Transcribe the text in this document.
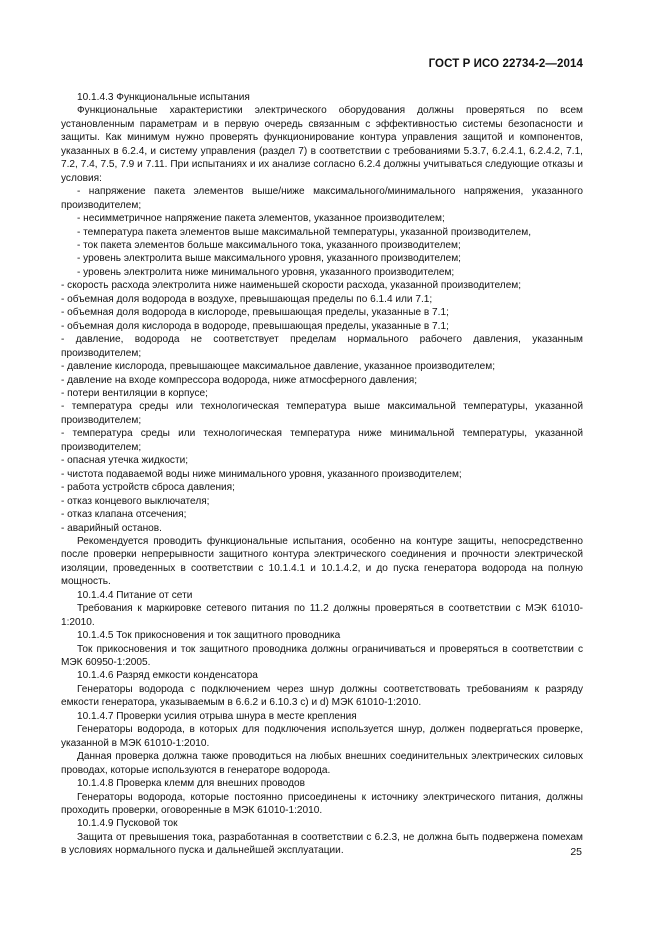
ГОСТ Р ИСО 22734-2—2014

10.1.4.3 Функциональные испытания

Функциональные характеристики электрического оборудования должны проверяться по всем установленным параметрам и в первую очередь связанным с эффективностью системы безопасности и защиты. Как минимум нужно проверять функционирование контура управления защитой и компонентов, указанных в 6.2.4, и систему управления (раздел 7) в соответствии с требованиями 5.3.7, 6.2.4.1, 6.2.4.2, 7.1, 7.2, 7.4, 7.5, 7.9 и 7.11. При испытаниях и их анализе согласно 6.2.4 должны учитываться следующие отказы и условия:

- напряжение пакета элементов выше/ниже максимального/минимального напряжения, указанного производителем;

- несимметричное напряжение пакета элементов, указанное производителем;

- температура пакета элементов выше максимальной температуры, указанной производителем,

- ток пакета элементов больше максимального тока, указанного производителем;

- уровень электролита выше максимального уровня, указанного производителем;

- уровень электролита ниже минимального уровня, указанного производителем;

- скорость расхода электролита ниже наименьшей скорости расхода, указанной производителем;

- объемная доля водорода в воздухе, превышающая пределы по 6.1.4 или 7.1;

- объемная доля водорода в кислороде, превышающая пределы, указанные в 7.1;

- объемная доля кислорода в водороде, превышающая пределы, указанные в 7.1;

- давление, водорода не соответствует пределам нормального рабочего давления, указанным производителем;

- давление кислорода, превышающее максимальное давление, указанное производителем;

- давление на входе компрессора водорода, ниже атмосферного давления;

- потери вентиляции в корпусе;

- температура среды или технологическая температура выше максимальной температуры, указанной производителем;

- температура среды или технологическая температура ниже минимальной температуры, указанной производителем;

- опасная утечка жидкости;

- чистота подаваемой воды ниже минимального уровня, указанного производителем;

- работа устройств сброса давления;

- отказ концевого выключателя;

- отказ клапана отсечения;

- аварийный останов.

Рекомендуется проводить функциональные испытания, особенно на контуре защиты, непосредственно после проверки непрерывности защитного контура электрического соединения и прочности электрической изоляции, проведенных в соответствии с 10.1.4.1 и 10.1.4.2, и до пуска генератора водорода на полную мощность.

10.1.4.4 Питание от сети

Требования к маркировке сетевого питания по 11.2 должны проверяться в соответствии с МЭК 61010-1:2010.

10.1.4.5 Ток прикосновения и ток защитного проводника

Ток прикосновения и ток защитного проводника должны ограничиваться и проверяться в соответствии с МЭК 60950-1:2005.

10.1.4.6 Разряд емкости конденсатора

Генераторы водорода с подключением через шнур должны соответствовать требованиям к разряду емкости генератора, указываемым в 6.6.2 и 6.10.3 с) и d) МЭК 61010-1:2010.

10.1.4.7 Проверки усилия отрыва шнура в месте крепления

Генераторы водорода, в которых для подключения используется шнур, должен подвергаться проверке, указанной в МЭК 61010-1:2010.

Данная проверка должна также проводиться на любых внешних соединительных электрических силовых проводах, которые используются в генераторе водорода.

10.1.4.8 Проверка клемм для внешних проводов

Генераторы водорода, которые постоянно присоединены к источнику электрического питания, должны проходить проверки, оговоренные в МЭК 61010-1:2010.

10.1.4.9 Пусковой ток

Защита от превышения тока, разработанная в соответствии с 6.2.3, не должна быть подвержена помехам в условиях нормального пуска и дальнейшей эксплуатации.	25
